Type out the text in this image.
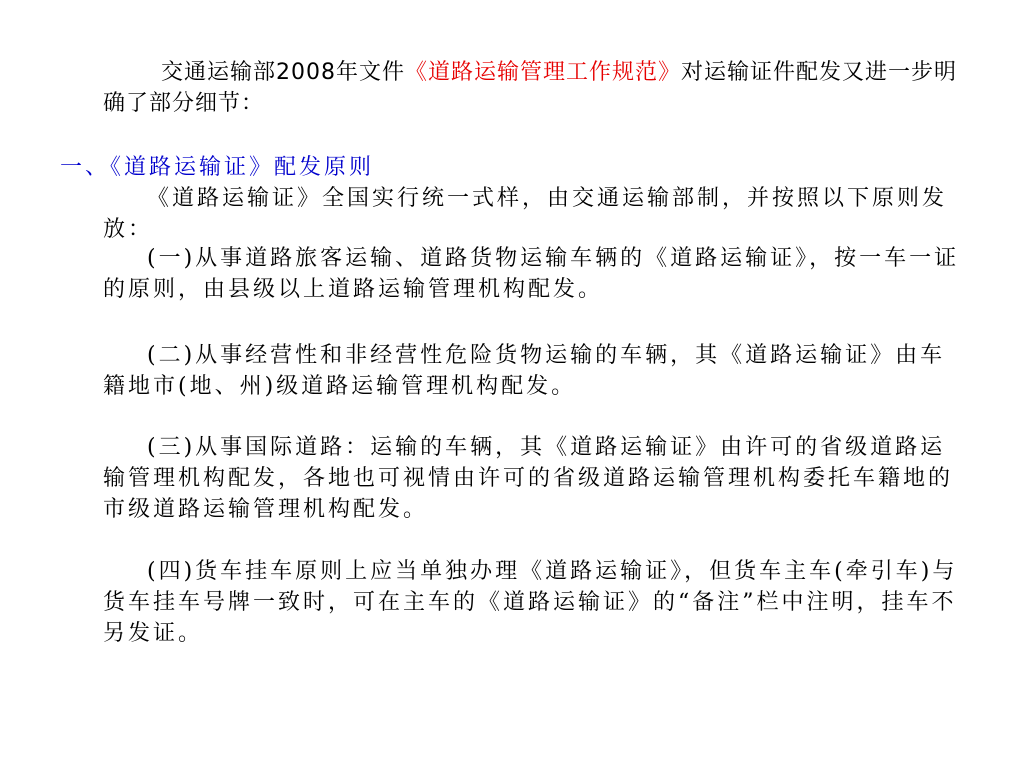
交通运输部2008年文件《道路运输管理工作规范》对运输证件配发又进一步明确了部分细节：

一、《道路运输证》配发原则

《道路运输证》全国实行统一式样，由交通运输部制，并按照以下原则发放：

(一)从事道路旅客运输、道路货物运输车辆的《道路运输证》，按一车一证的原则，由县级以上道路运输管理机构配发。

(二)从事经营性和非经营性危险货物运输的车辆，其《道路运输证》由车籍地市(地、州)级道路运输管理机构配发。

(三)从事国际道路：运输的车辆，其《道路运输证》由许可的省级道路运输管理机构配发，各地也可视情由许可的省级道路运输管理机构委托车籍地的市级道路运输管理机构配发。

(四)货车挂车原则上应当单独办理《道路运输证》，但货车主车(牵引车)与货车挂车号牌一致时，可在主车的《道路运输证》的“备注”栏中注明，挂车不另发证。
